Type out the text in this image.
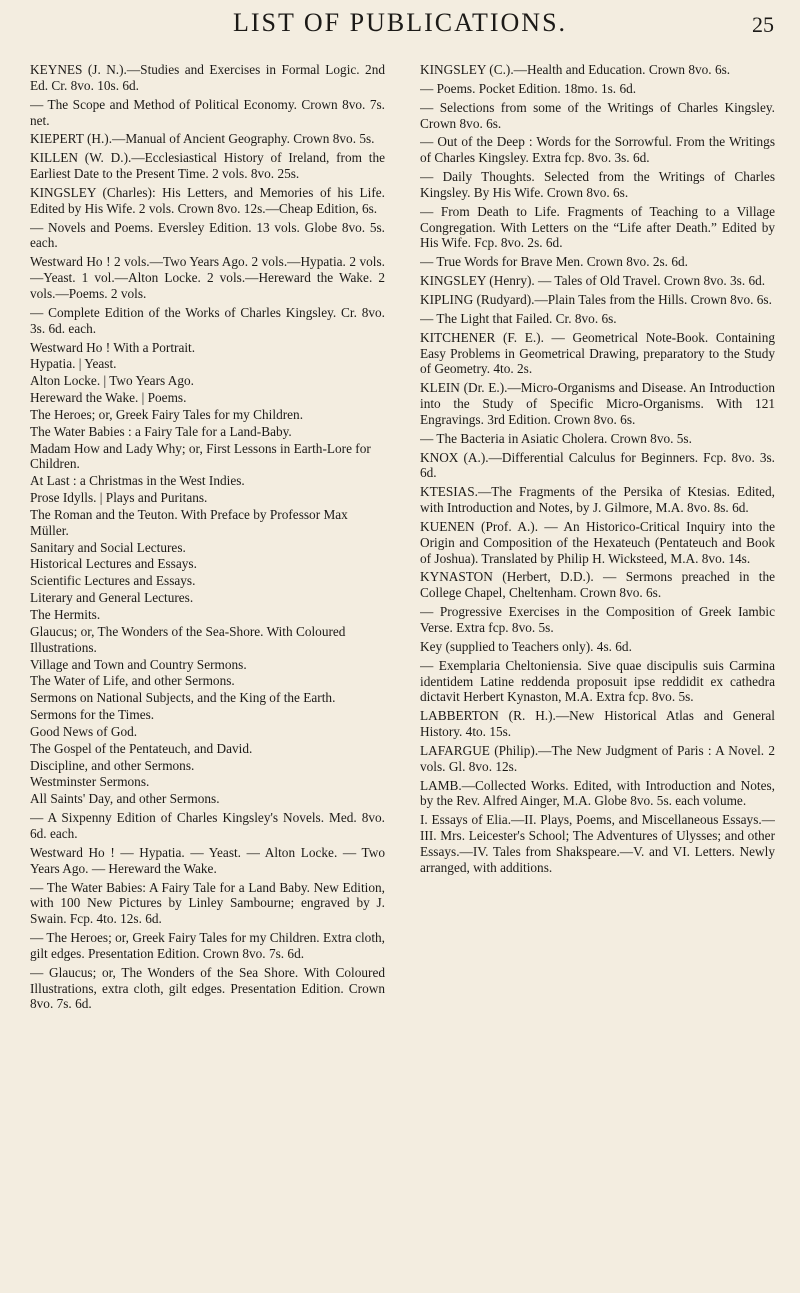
LIST OF PUBLICATIONS.	25

KEYNES (J. N.).—Studies and Exercises in Formal Logic. 2nd Ed. Cr. 8vo. 10s. 6d.

— The Scope and Method of Political Economy. Crown 8vo. 7s. net.

KIEPERT (H.).—Manual of Ancient Geography. Crown 8vo. 5s.

KILLEN (W. D.).—Ecclesiastical History of Ireland, from the Earliest Date to the Present Time. 2 vols. 8vo. 25s.

KINGSLEY (Charles): His Letters, and Memories of his Life. Edited by His Wife. 2 vols. Crown 8vo. 12s.—Cheap Edition, 6s.

— Novels and Poems. Eversley Edition. 13 vols. Globe 8vo. 5s. each.

Westward Ho ! 2 vols.—Two Years Ago. 2 vols.—Hypatia. 2 vols.—Yeast. 1 vol.—Alton Locke. 2 vols.—Hereward the Wake. 2 vols.—Poems. 2 vols.

— Complete Edition of the Works of Charles Kingsley. Cr. 8vo. 3s. 6d. each.

Westward Ho ! With a Portrait.

Hypatia. | Yeast.

Alton Locke. | Two Years Ago.

Hereward the Wake. | Poems.

The Heroes; or, Greek Fairy Tales for my Children.

The Water Babies : a Fairy Tale for a Land-Baby.

Madam How and Lady Why; or, First Lessons in Earth-Lore for Children.

At Last : a Christmas in the West Indies.

Prose Idylls. | Plays and Puritans.

The Roman and the Teuton. With Preface by Professor Max Müller.

Sanitary and Social Lectures.

Historical Lectures and Essays.

Scientific Lectures and Essays.

Literary and General Lectures.

The Hermits.

Glaucus; or, The Wonders of the Sea-Shore. With Coloured Illustrations.

Village and Town and Country Sermons.

The Water of Life, and other Sermons.

Sermons on National Subjects, and the King of the Earth.

Sermons for the Times.

Good News of God.

The Gospel of the Pentateuch, and David.

Discipline, and other Sermons.

Westminster Sermons.

All Saints' Day, and other Sermons.

— A Sixpenny Edition of Charles Kingsley's Novels. Med. 8vo. 6d. each.

Westward Ho ! — Hypatia. — Yeast. — Alton Locke. — Two Years Ago. — Hereward the Wake.

— The Water Babies: A Fairy Tale for a Land Baby. New Edition, with 100 New Pictures by Linley Sambourne; engraved by J. Swain. Fcp. 4to. 12s. 6d.

— The Heroes; or, Greek Fairy Tales for my Children. Extra cloth, gilt edges. Presentation Edition. Crown 8vo. 7s. 6d.

— Glaucus; or, The Wonders of the Sea Shore. With Coloured Illustrations, extra cloth, gilt edges. Presentation Edition. Crown 8vo. 7s. 6d.

KINGSLEY (C.).—Health and Education. Crown 8vo. 6s.

— Poems. Pocket Edition. 18mo. 1s. 6d.

— Selections from some of the Writings of Charles Kingsley. Crown 8vo. 6s.

— Out of the Deep : Words for the Sorrowful. From the Writings of Charles Kingsley. Extra fcp. 8vo. 3s. 6d.

— Daily Thoughts. Selected from the Writings of Charles Kingsley. By His Wife. Crown 8vo. 6s.

— From Death to Life. Fragments of Teaching to a Village Congregation. With Letters on the “Life after Death.” Edited by His Wife. Fcp. 8vo. 2s. 6d.

— True Words for Brave Men. Crown 8vo. 2s. 6d.

KINGSLEY (Henry). — Tales of Old Travel. Crown 8vo. 3s. 6d.

KIPLING (Rudyard).—Plain Tales from the Hills. Crown 8vo. 6s.

— The Light that Failed. Cr. 8vo. 6s.

KITCHENER (F. E.). — Geometrical Note-Book. Containing Easy Problems in Geometrical Drawing, preparatory to the Study of Geometry. 4to. 2s.

KLEIN (Dr. E.).—Micro-Organisms and Disease. An Introduction into the Study of Specific Micro-Organisms. With 121 Engravings. 3rd Edition. Crown 8vo. 6s.

— The Bacteria in Asiatic Cholera. Crown 8vo. 5s.

KNOX (A.).—Differential Calculus for Beginners. Fcp. 8vo. 3s. 6d.

KTESIAS.—The Fragments of the Persika of Ktesias. Edited, with Introduction and Notes, by J. Gilmore, M.A. 8vo. 8s. 6d.

KUENEN (Prof. A.). — An Historico-Critical Inquiry into the Origin and Composition of the Hexateuch (Pentateuch and Book of Joshua). Translated by Philip H. Wicksteed, M.A. 8vo. 14s.

KYNASTON (Herbert, D.D.). — Sermons preached in the College Chapel, Cheltenham. Crown 8vo. 6s.

— Progressive Exercises in the Composition of Greek Iambic Verse. Extra fcp. 8vo. 5s.

Key (supplied to Teachers only). 4s. 6d.

— Exemplaria Cheltoniensia. Sive quae discipulis suis Carmina identidem Latine reddenda proposuit ipse reddidit ex cathedra dictavit Herbert Kynaston, M.A. Extra fcp. 8vo. 5s.

LABBERTON (R. H.).—New Historical Atlas and General History. 4to. 15s.

LAFARGUE (Philip).—The New Judgment of Paris : A Novel. 2 vols. Gl. 8vo. 12s.

LAMB.—Collected Works. Edited, with Introduction and Notes, by the Rev. Alfred Ainger, M.A. Globe 8vo. 5s. each volume.

I. Essays of Elia.—II. Plays, Poems, and Miscellaneous Essays.—III. Mrs. Leicester's School; The Adventures of Ulysses; and other Essays.—IV. Tales from Shakspeare.—V. and VI. Letters. Newly arranged, with additions.
